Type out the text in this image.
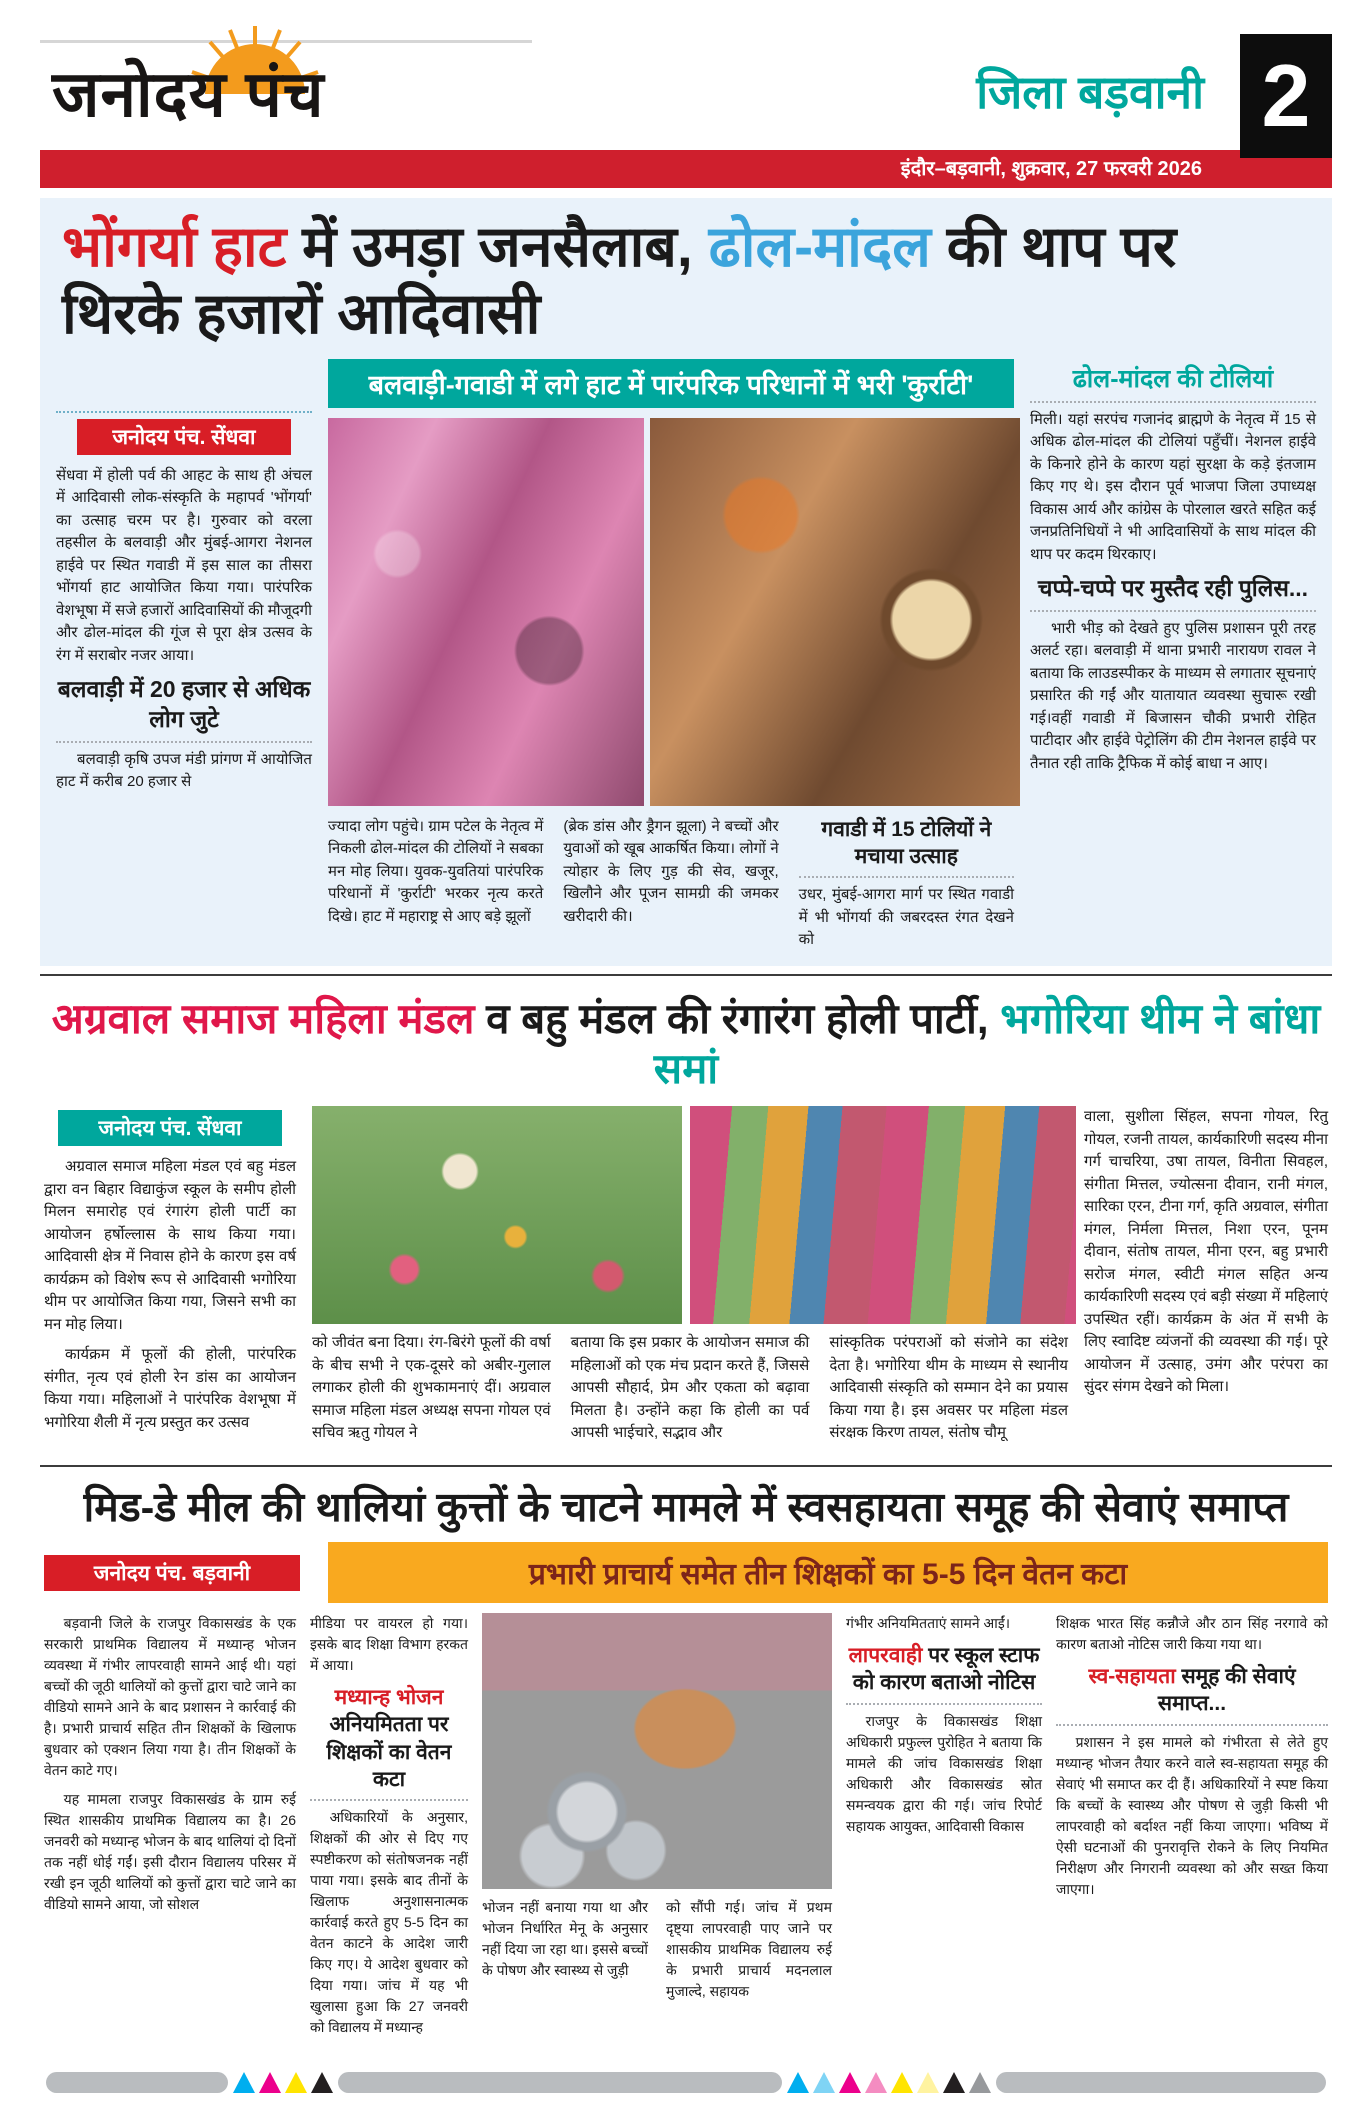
जनोदय पंच	जिला बड़वानी 2
इंदौर–बड़वानी, शुक्रवार, 27 फरवरी 2026
भोंगर्या हाट में उमड़ा जनसैलाब, ढोल-मांदल की थाप पर थिरके हजारों आदिवासी
जनोदय पंच. सेंधवा

सेंधवा में होली पर्व की आहट के साथ ही अंचल में आदिवासी लोक-संस्कृति के महापर्व 'भोंगर्या' का उत्साह चरम पर है। गुरुवार को वरला तहसील के बलवाड़ी और मुंबई-आगरा नेशनल हाईवे पर स्थित गवाडी में इस साल का तीसरा भोंगर्या हाट आयोजित किया गया। पारंपरिक वेशभूषा में सजे हजारों आदिवासियों की मौजूदगी और ढोल-मांदल की गूंज से पूरा क्षेत्र उत्सव के रंग में सराबोर नजर आया।

बलवाड़ी में 20 हजार से अधिक लोग जुटे

बलवाड़ी कृषि उपज मंडी प्रांगण में आयोजित हाट में करीब 20 हजार से

बलवाड़ी-गवाडी में लगे हाट में पारंपरिक परिधानों में भरी 'कुर्राटी'

ज्यादा लोग पहुंचे। ग्राम पटेल के नेतृत्व में निकली ढोल-मांदल की टोलियों ने सबका मन मोह लिया। युवक-युवतियां पारंपरिक परिधानों में 'कुर्राटी' भरकर नृत्य करते दिखे। हाट में महाराष्ट्र से आए बड़े झूलों

(ब्रेक डांस और ड्रैगन झूला) ने बच्चों और युवाओं को खूब आकर्षित किया। लोगों ने त्योहार के लिए गुड़ की सेव, खजूर, खिलौने और पूजन सामग्री की जमकर खरीदारी की।

गवाडी में 15 टोलियों ने मचाया उत्साह

उधर, मुंबई-आगरा मार्ग पर स्थित गवाडी में भी भोंगर्या की जबरदस्त रंगत देखने को

ढोल-मांदल की टोलियां

मिली। यहां सरपंच गजानंद ब्राह्मणे के नेतृत्व में 15 से अधिक ढोल-मांदल की टोलियां पहुँचीं। नेशनल हाईवे के किनारे होने के कारण यहां सुरक्षा के कड़े इंतजाम किए गए थे। इस दौरान पूर्व भाजपा जिला उपाध्यक्ष विकास आर्य और कांग्रेस के पोरलाल खरते सहित कई जनप्रतिनिधियों ने भी आदिवासियों के साथ मांदल की थाप पर कदम थिरकाए।

चप्पे-चप्पे पर मुस्तैद रही पुलिस...

भारी भीड़ को देखते हुए पुलिस प्रशासन पूरी तरह अलर्ट रहा। बलवाड़ी में थाना प्रभारी नारायण रावल ने बताया कि लाउडस्पीकर के माध्यम से लगातार सूचनाएं प्रसारित की गईं और यातायात व्यवस्था सुचारू रखी गई।वहीं गवाडी में बिजासन चौकी प्रभारी रोहित पाटीदार और हाईवे पेट्रोलिंग की टीम नेशनल हाईवे पर तैनात रही ताकि ट्रैफिक में कोई बाधा न आए।

अग्रवाल समाज महिला मंडल व बहु मंडल की रंगारंग होली पार्टी, भगोरिया थीम ने बांधा समां
जनोदय पंच. सेंधवा

अग्रवाल समाज महिला मंडल एवं बहु मंडल द्वारा वन बिहार विद्याकुंज स्कूल के समीप होली मिलन समारोह एवं रंगारंग होली पार्टी का आयोजन हर्षोल्लास के साथ किया गया। आदिवासी क्षेत्र में निवास होने के कारण इस वर्ष कार्यक्रम को विशेष रूप से आदिवासी भगोरिया थीम पर आयोजित किया गया, जिसने सभी का मन मोह लिया।

कार्यक्रम में फूलों की होली, पारंपरिक संगीत, नृत्य एवं होली रेन डांस का आयोजन किया गया। महिलाओं ने पारंपरिक वेशभूषा में भगोरिया शैली में नृत्य प्रस्तुत कर उत्सव

को जीवंत बना दिया। रंग-बिरंगे फूलों की वर्षा के बीच सभी ने एक-दूसरे को अबीर-गुलाल लगाकर होली की शुभकामनाएं दीं। अग्रवाल समाज महिला मंडल अध्यक्ष सपना गोयल एवं सचिव ऋतु गोयल ने

बताया कि इस प्रकार के आयोजन समाज की महिलाओं को एक मंच प्रदान करते हैं, जिससे आपसी सौहार्द, प्रेम और एकता को बढ़ावा मिलता है। उन्होंने कहा कि होली का पर्व आपसी भाईचारे, सद्भाव और

सांस्कृतिक परंपराओं को संजोने का संदेश देता है। भगोरिया थीम के माध्यम से स्थानीय आदिवासी संस्कृति को सम्मान देने का प्रयास किया गया है। इस अवसर पर महिला मंडल संरक्षक किरण तायल, संतोष चौमू

वाला, सुशीला सिंहल, सपना गोयल, रितु गोयल, रजनी तायल, कार्यकारिणी सदस्य मीना गर्ग चाचरिया, उषा तायल, विनीता सिवहल, संगीता मित्तल, ज्योत्सना दीवान, रानी मंगल, सारिका एरन, टीना गर्ग, कृति अग्रवाल, संगीता मंगल, निर्मला मित्तल, निशा एरन, पूनम दीवान, संतोष तायल, मीना एरन, बहु प्रभारी सरोज मंगल, स्वीटी मंगल सहित अन्य कार्यकारिणी सदस्य एवं बड़ी संख्या में महिलाएं उपस्थित रहीं। कार्यक्रम के अंत में सभी के लिए स्वादिष्ट व्यंजनों की व्यवस्था की गई। पूरे आयोजन में उत्साह, उमंग और परंपरा का सुंदर संगम देखने को मिला।

मिड-डे मील की थालियां कुत्तों के चाटने मामले में स्वसहायता समूह की सेवाएं समाप्त
जनोदय पंच. बड़वानी	प्रभारी प्राचार्य समेत तीन शिक्षकों का 5-5 दिन वेतन कटा

बड़वानी जिले के राजपुर विकासखंड के एक सरकारी प्राथमिक विद्यालय में मध्यान्ह भोजन व्यवस्था में गंभीर लापरवाही सामने आई थी। यहां बच्चों की जूठी थालियों को कुत्तों द्वारा चाटे जाने का वीडियो सामने आने के बाद प्रशासन ने कार्रवाई की है। प्रभारी प्राचार्य सहित तीन शिक्षकों के खिलाफ बुधवार को एक्शन लिया गया है। तीन शिक्षकों के वेतन काटे गए।

यह मामला राजपुर विकासखंड के ग्राम रुई स्थित शासकीय प्राथमिक विद्यालय का है। 26 जनवरी को मध्यान्ह भोजन के बाद थालियां दो दिनों तक नहीं धोई गईं। इसी दौरान विद्यालय परिसर में रखी इन जूठी थालियों को कुत्तों द्वारा चाटे जाने का वीडियो सामने आया, जो सोशल

मीडिया पर वायरल हो गया। इसके बाद शिक्षा विभाग हरकत में आया।

मध्यान्ह भोजन
अनियमितता पर शिक्षकों का वेतन कटा

अधिकारियों के अनुसार, शिक्षकों की ओर से दिए गए स्पष्टीकरण को संतोषजनक नहीं पाया गया। इसके बाद तीनों के खिलाफ अनुशासनात्मक कार्रवाई करते हुए 5-5 दिन का वेतन काटने के आदेश जारी किए गए। ये आदेश बुधवार को दिया गया। जांच में यह भी खुलासा हुआ कि 27 जनवरी को विद्यालय में मध्यान्ह

भोजन नहीं बनाया गया था और भोजन निर्धारित मेनू के अनुसार नहीं दिया जा रहा था। इससे बच्चों के पोषण और स्वास्थ्य से जुड़ी

को सौंपी गई। जांच में प्रथम दृष्ट्या लापरवाही पाए जाने पर शासकीय प्राथमिक विद्यालय रुई के प्रभारी प्राचार्य मदनलाल मुजाल्दे, सहायक

गंभीर अनियमितताएं सामने आईं।

लापरवाही पर स्कूल स्टाफ को कारण बताओ नोटिस

राजपुर के विकासखंड शिक्षा अधिकारी प्रफुल्ल पुरोहित ने बताया कि मामले की जांच विकासखंड शिक्षा अधिकारी और विकासखंड स्रोत समन्वयक द्वारा की गई। जांच रिपोर्ट सहायक आयुक्त, आदिवासी विकास

शिक्षक भारत सिंह कन्नौजे और ठान सिंह नरगावे को कारण बताओ नोटिस जारी किया गया था।

स्व-सहायता समूह की सेवाएं समाप्त...

प्रशासन ने इस मामले को गंभीरता से लेते हुए मध्यान्ह भोजन तैयार करने वाले स्व-सहायता समूह की सेवाएं भी समाप्त कर दी हैं। अधिकारियों ने स्पष्ट किया कि बच्चों के स्वास्थ्य और पोषण से जुड़ी किसी भी लापरवाही को बर्दाश्त नहीं किया जाएगा। भविष्य में ऐसी घटनाओं की पुनरावृत्ति रोकने के लिए नियमित निरीक्षण और निगरानी व्यवस्था को और सख्त किया जाएगा।
